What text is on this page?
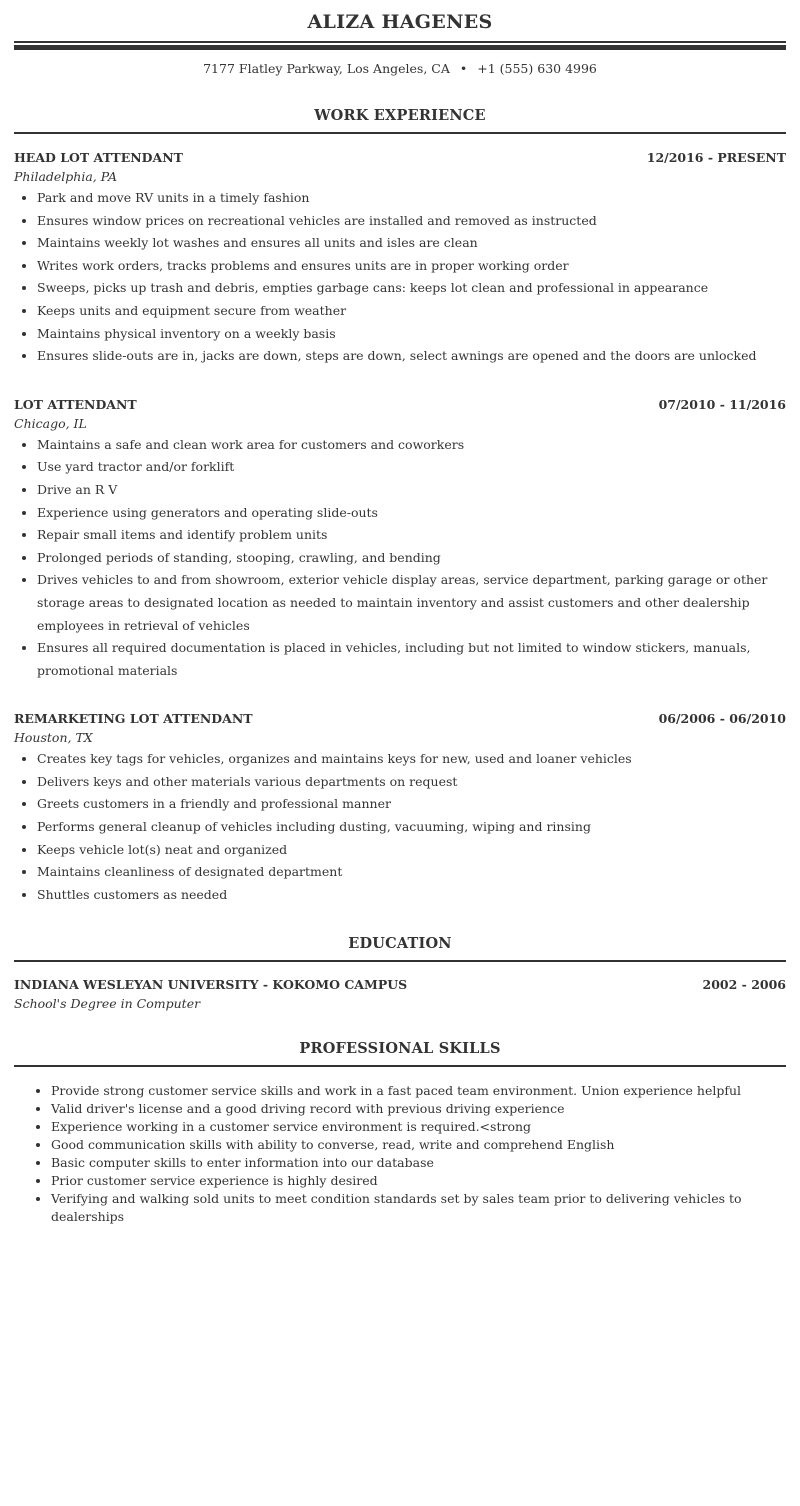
ALIZA HAGENES
7177 Flatley Parkway, Los Angeles, CA • +1 (555) 630 4996
WORK EXPERIENCE
HEAD LOT ATTENDANT	12/2016 - PRESENT
Philadelphia, PA
• Park and move RV units in a timely fashion
• Ensures window prices on recreational vehicles are installed and removed as instructed
• Maintains weekly lot washes and ensures all units and isles are clean
• Writes work orders, tracks problems and ensures units are in proper working order
• Sweeps, picks up trash and debris, empties garbage cans: keeps lot clean and professional in appearance
• Keeps units and equipment secure from weather
• Maintains physical inventory on a weekly basis
• Ensures slide-outs are in, jacks are down, steps are down, select awnings are opened and the doors are unlocked
LOT ATTENDANT	07/2010 - 11/2016
Chicago, IL
• Maintains a safe and clean work area for customers and coworkers
• Use yard tractor and/or forklift
• Drive an R V
• Experience using generators and operating slide-outs
• Repair small items and identify problem units
• Prolonged periods of standing, stooping, crawling, and bending
• Drives vehicles to and from showroom, exterior vehicle display areas, service department, parking garage or other storage areas to designated location as needed to maintain inventory and assist customers and other dealership employees in retrieval of vehicles
• Ensures all required documentation is placed in vehicles, including but not limited to window stickers, manuals, promotional materials
REMARKETING LOT ATTENDANT	06/2006 - 06/2010
Houston, TX
• Creates key tags for vehicles, organizes and maintains keys for new, used and loaner vehicles
• Delivers keys and other materials various departments on request
• Greets customers in a friendly and professional manner
• Performs general cleanup of vehicles including dusting, vacuuming, wiping and rinsing
• Keeps vehicle lot(s) neat and organized
• Maintains cleanliness of designated department
• Shuttles customers as needed
EDUCATION
INDIANA WESLEYAN UNIVERSITY - KOKOMO CAMPUS	2002 - 2006
School's Degree in Computer
PROFESSIONAL SKILLS
• Provide strong customer service skills and work in a fast paced team environment. Union experience helpful
• Valid driver's license and a good driving record with previous driving experience
• Experience working in a customer service environment is required.<strong
• Good communication skills with ability to converse, read, write and comprehend English
• Basic computer skills to enter information into our database
• Prior customer service experience is highly desired
• Verifying and walking sold units to meet condition standards set by sales team prior to delivering vehicles to dealerships
